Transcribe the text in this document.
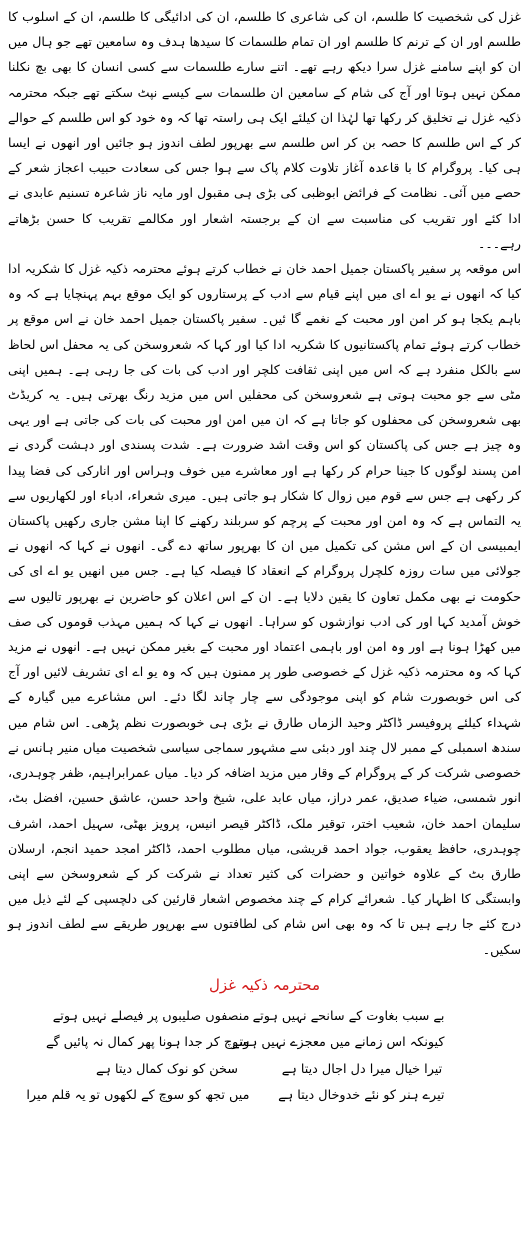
غزل کی شخصیت کا طلسم، ان کی شاعری کا طلسم، ان کی ادائیگی کا طلسم، ان کے اسلوب کا طلسم اور ان کے ترنم کا طلسم اور ان تمام طلسمات کا سیدھا ہدف وہ سامعین تھے جو ہال میں ان کو اپنے سامنے غزل سرا دیکھ رہے تھے۔ اتنے سارے طلسمات سے کسی انسان کا بھی بچ نکلنا ممکن نہیں ہوتا اور آج کی شام کے سامعین ان طلسمات سے کیسے نپٹ سکتے تھے جبکہ محترمہ ذکیہ غزل نے تخلیق کر رکھا تھا لہٰذا ان کیلئے ایک ہی راستہ تھا کہ وہ خود کو اس طلسم کے حوالے کر کے اس طلسم کا حصہ بن کر اس طلسم سے بھرپور لطف اندوز ہو جائیں اور انھوں نے ایسا ہی کیا۔ پروگرام کا با قاعدہ آغاز تلاوت کلام پاک سے ہوا جس کی سعادت حبیب اعجاز شعر کے حصے میں آئی۔ نظامت کے فرائض ابوظبی کی بڑی ہی مقبول اور مایہ ناز شاعرہ تسنیم عابدی نے ادا کئے اور تقریب کی مناسبت سے ان کے برجستہ اشعار اور مکالمے تقریب کا حسن بڑھاتے رہے۔۔۔

اس موقعہ پر سفیر پاکستان جمیل احمد خان نے خطاب کرتے ہوئے محترمہ ذکیہ غزل کا شکریہ ادا کیا کہ انھوں نے یو اے ای میں اپنے قیام سے ادب کے پرستاروں کو ایک موقع بہم پہنچایا ہے کہ وہ باہم یکجا ہو کر امن اور محبت کے نغمے گا ئیں۔ سفیر پاکستان جمیل احمد خان نے اس موقع پر خطاب کرتے ہوئے تمام پاکستانیوں کا شکریہ ادا کیا اور کہا کہ شعروسخن کی یہ محفل اس لحاظ سے بالکل منفرد ہے کہ اس میں اپنی ثقافت کلچر اور ادب کی بات کی جا رہی ہے۔ ہمیں اپنی مٹی سے جو محبت ہوتی ہے شعروسخن کی محفلیں اس میں مزید رنگ بھرتی ہیں۔ یہ کریڈٹ بھی شعروسخن کی محفلوں کو جاتا ہے کہ ان میں امن اور محبت کی بات کی جاتی ہے اور یہی وہ چیز ہے جس کی پاکستان کو اس وقت اشد ضرورت ہے۔ شدت پسندی اور دہشت گردی نے امن پسند لوگوں کا جینا حرام کر رکھا ہے اور معاشرے میں خوف وہراس اور انارکی کی فضا پیدا کر رکھی ہے جس سے قوم میں زوال کا شکار ہو جاتی ہیں۔ میری شعراء، ادباء اور لکھاریوں سے یہ التماس ہے کہ وہ امن اور محبت کے پرچم کو سربلند رکھنے کا اپنا مشن جاری رکھیں پاکستان ایمبیسی ان کے اس مشن کی تکمیل میں ان کا بھرپور ساتھ دے گی۔ انھوں نے کہا کہ انھوں نے جولائی میں سات روزہ کلچرل پروگرام کے انعقاد کا فیصلہ کیا ہے۔ جس میں انھیں یو اے ای کی حکومت نے بھی مکمل تعاون کا یقین دلایا ہے۔ ان کے اس اعلان کو حاضرین نے بھرپور تالیوں سے خوش آمدید کہا اور کی ادب نوازشوں کو سراہا۔ انھوں نے کہا کہ ہمیں مہذب قوموں کی صف میں کھڑا ہونا ہے اور وہ امن اور باہمی اعتماد اور محبت کے بغیر ممکن نہیں ہے۔ انھوں نے مزید کہا کہ وہ محترمہ ذکیہ غزل کے خصوصی طور پر ممنون ہیں کہ وہ یو اے ای تشریف لائیں اور آج کی اس خوبصورت شام کو اپنی موجودگی سے چار چاند لگا دئے۔ اس مشاعرے میں گیارہ کے شہداء کیلئے پروفیسر ڈاکٹر وحید الزماں طارق نے بڑی ہی خوبصورت نظم پڑھی۔ اس شام میں سندھ اسمبلی کے ممبر لال چند اور دبئی سے مشہور سماجی سیاسی شخصیت میاں منیر ہانس نے خصوصی شرکت کر کے پروگرام کے وقار میں مزید اضافہ کر دیا۔ میاں عمرابراہیم، ظفر چوہدری، انور شمسی، ضیاء صدیق، عمر دراز، میاں عابد علی، شیخ واحد حسن، عاشق حسین، افضل بٹ، سلیمان احمد خان، شعیب اختر، توقیر ملک، ڈاکٹر قیصر انیس، پرویز بھٹی، سہیل احمد، اشرف چوہدری، حافظ یعقوب، جواد احمد قریشی، میاں مطلوب احمد، ڈاکٹر امجد حمید انجم، ارسلان طارق بٹ کے علاوہ خواتین و حضرات کی کثیر تعداد نے شرکت کر کے شعروسخن سے اپنی وابستگی کا اظہار کیا۔ شعرائے کرام کے چند مخصوص اشعار قارئین کی دلچسپی کے لئے ذیل میں درج کئے جا رہے ہیں تا کہ وہ بھی اس شام کی لطافتوں سے بھرپور طریقے سے لطف اندوز ہو سکیں۔

محترمہ ذکیہ غزل
منصفوں صلیبوں پر فیصلے نہیں ہوتے بے سبب بغاوت کے سانحے نہیں ہوتے
سوچ کر جدا ہونا پھر کمال نہ پائیں گے
کیونکہ اس زمانے میں معجزے نہیں ہوتے
سخن کو نوک کمال دیتا ہے	تیرا خیال میرا دل اجال دیتا ہے
میں تجھ کو سوچ کے لکھوں تو یہ قلم میرا تیرے ہنر کو نئے خدوخال دیتا ہے
